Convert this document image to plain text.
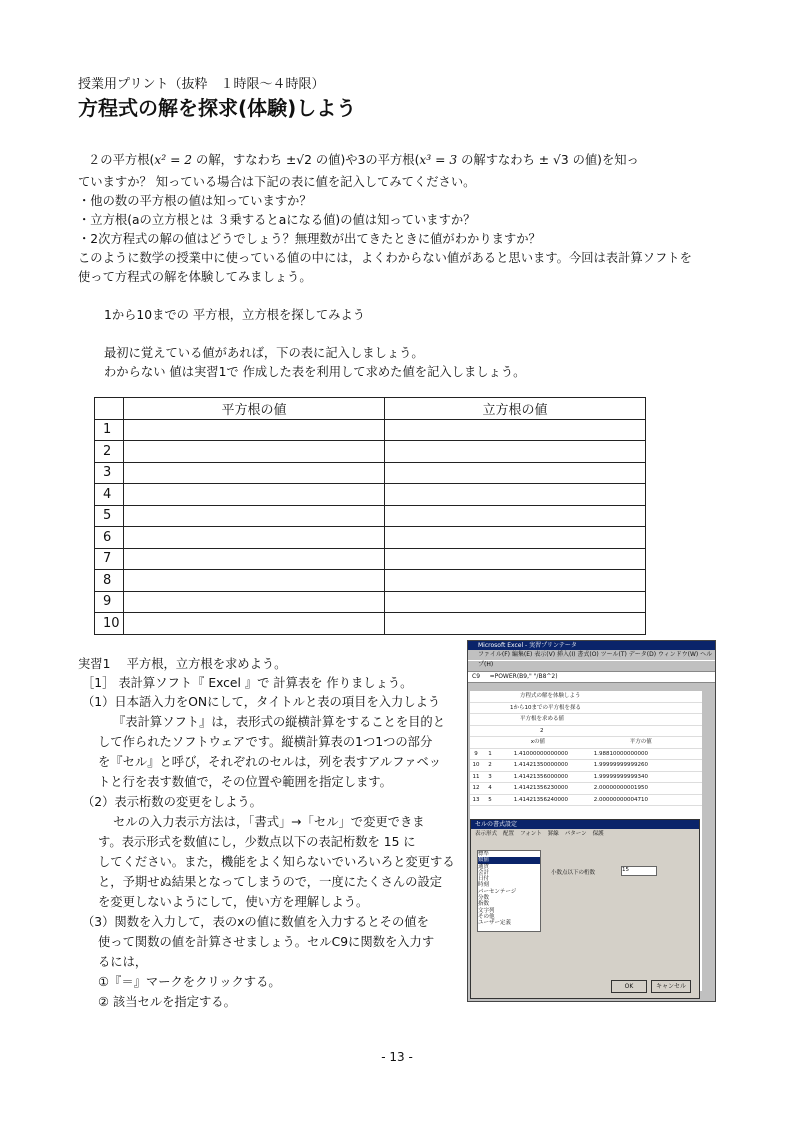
授業用プリント（抜粋　１時限～４時限）
方程式の解を探求(体験)しよう
２の平方根(x² = 2 の解，すなわち ±√2 の値)や3の平方根(x³ = 3 の解すなわち ± √3 の値)を知っ
ていますか？ 知っている場合は下記の表に値を記入してみてください。
・他の数の平方根の値は知っていますか？
・立方根(aの立方根とは ３乗するとaになる値)の値は知っていますか？
・2次方程式の解の値はどうでしょう？無理数が出てきたときに値がわかりますか？
このように数学の授業中に使っている値の中には，よくわからない値があると思います。今回は表計算ソフトを
使って方程式の解を体験してみましょう。
1から10までの 平方根，立方根を探してみよう
最初に覚えている値があれば，下の表に記入しましょう。
わからない 値は実習1で 作成した表を利用して求めた値を記入しましょう。
	平方根の値	立方根の値
1		
2		
3		
4		
5		
6		
7		
8		
9		
10		
実習1　 平方根，立方根を求めよう。
［1］ 表計算ソフト『 Excel 』で 計算表を 作りましょう。
（1）日本語入力をONにして，タイトルと表の項目を入力しよう
『表計算ソフト』は，表形式の縦横計算をすることを目的と
して作られたソフトウェアです。縦横計算表の1つ1つの部分
を『セル』と呼び，それぞれのセルは，列を表すアルファベッ
トと行を表す数値で，その位置や範囲を指定します。
（2）表示桁数の変更をしよう。
セルの入力表示方法は，「書式」→「セル」で変更できま
す。表示形式を数値にし，少数点以下の表記桁数を 15 に
してください。また，機能をよく知らないでいろいろと変更する
と，予期せぬ結果となってしまうので，一度にたくさんの設定
を変更しないようにして，使い方を理解しよう。
（3）関数を入力して，表のxの値に数値を入力するとその値を
使って関数の値を計算させましょう。セルC9に関数を入力す
るには，
①『＝』マークをクリックする。
② 該当セルを指定する。
Microsoft Excel - 実習プリンテータ
ファイル(F) 編集(E) 表示(V) 挿入(I) 書式(O) ツール(T) データ(D) ウィンドウ(W) ヘルプ(H)
C9 =POWER(B9," "/B8^2)
方程式の解を体験しよう
1から10までの平方根を探る
平方根を求める値
2
xの値	平方の値
9 1	1.41000000000000	1.98810000000000
10 2	1.41421350000000	1.99999999999260
11 3	1.41421356000000	1.99999999999340
12 4	1.41421356230000	2.00000000001950
13 5	1.41421356240000	2.00000000004710
セルの書式設定
表示形式 配置 フォント 罫線 パターン 保護
標準
数値
通貨
会計
日付
時刻
パーセンテージ
分数
指数
文字列
その他
ユーザー定義
小数点以下の桁数	15
OK	キャンセル
- 13 -
